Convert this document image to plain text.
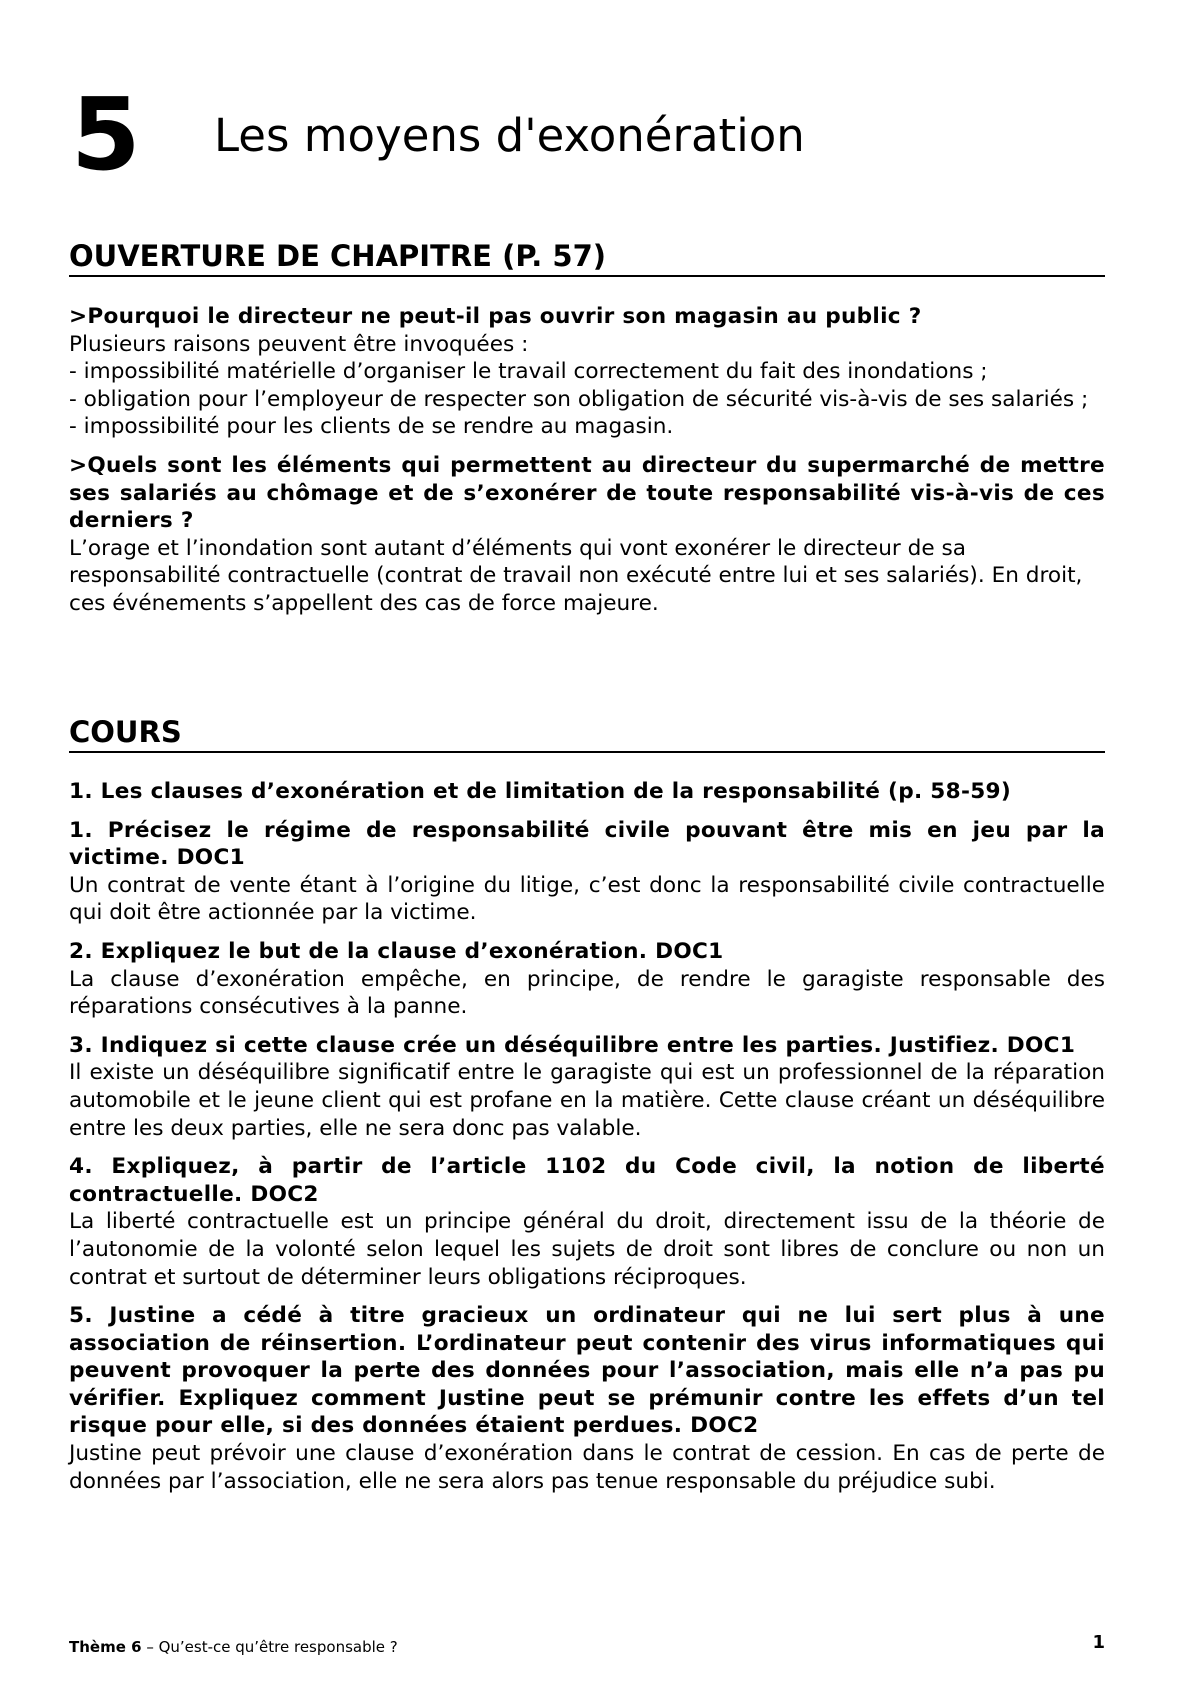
5 Les moyens d'exonération
OUVERTURE DE CHAPITRE (P. 57)

>Pourquoi le directeur ne peut-il pas ouvrir son magasin au public ?

Plusieurs raisons peuvent être invoquées :

- impossibilité matérielle d’organiser le travail correctement du fait des inondations ;

- obligation pour l’employeur de respecter son obligation de sécurité vis-à-vis de ses salariés ;

- impossibilité pour les clients de se rendre au magasin.

>Quels sont les éléments qui permettent au directeur du supermarché de mettre ses salariés au chômage et de s’exonérer de toute responsabilité vis-à-vis de ces derniers ?

L’orage et l’inondation sont autant d’éléments qui vont exonérer le directeur de sa responsabilité contractuelle (contrat de travail non exécuté entre lui et ses salariés). En droit, ces événements s’appellent des cas de force majeure.

COURS

1. Les clauses d’exonération et de limitation de la responsabilité (p. 58-59)

1. Précisez le régime de responsabilité civile pouvant être mis en jeu par la victime. DOC1

Un contrat de vente étant à l’origine du litige, c’est donc la responsabilité civile contractuelle qui doit être actionnée par la victime.

2. Expliquez le but de la clause d’exonération. DOC1

La clause d’exonération empêche, en principe, de rendre le garagiste responsable des réparations consécutives à la panne.

3. Indiquez si cette clause crée un déséquilibre entre les parties. Justifiez. DOC1

Il existe un déséquilibre significatif entre le garagiste qui est un professionnel de la réparation automobile et le jeune client qui est profane en la matière. Cette clause créant un déséquilibre entre les deux parties, elle ne sera donc pas valable.

4. Expliquez, à partir de l’article 1102 du Code civil, la notion de liberté contractuelle. DOC2

La liberté contractuelle est un principe général du droit, directement issu de la théorie de l’autonomie de la volonté selon lequel les sujets de droit sont libres de conclure ou non un contrat et surtout de déterminer leurs obligations réciproques.

5. Justine a cédé à titre gracieux un ordinateur qui ne lui sert plus à une association de réinsertion. L’ordinateur peut contenir des virus informatiques qui peuvent provoquer la perte des données pour l’association, mais elle n’a pas pu vérifier. Expliquez comment Justine peut se prémunir contre les effets d’un tel risque pour elle, si des données étaient perdues. DOC2

Justine peut prévoir une clause d’exonération dans le contrat de cession. En cas de perte de données par l’association, elle ne sera alors pas tenue responsable du préjudice subi.

Thème 6 – Qu’est-ce qu’être responsable ?	1
